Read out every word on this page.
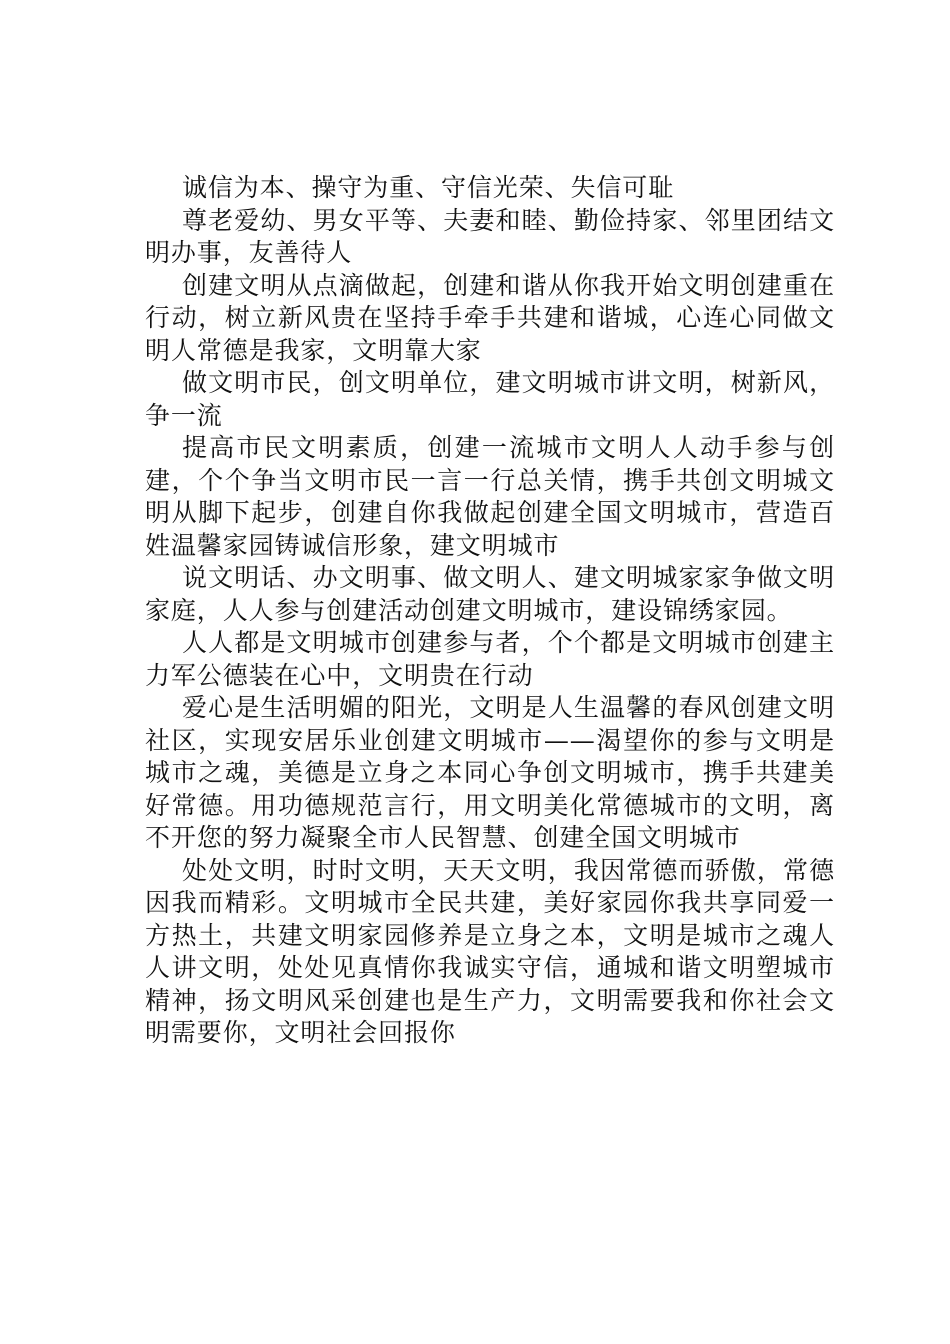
诚信为本、操守为重、守信光荣、失信可耻

尊老爱幼、男女平等、夫妻和睦、勤俭持家、邻里团结文明办事，友善待人

创建文明从点滴做起，创建和谐从你我开始文明创建重在行动，树立新风贵在坚持手牵手共建和谐城，心连心同做文明人常德是我家，文明靠大家

做文明市民，创文明单位，建文明城市讲文明，树新风，争一流

提高市民文明素质，创建一流城市文明人人动手参与创建，个个争当文明市民一言一行总关情，携手共创文明城文明从脚下起步，创建自你我做起创建全国文明城市，营造百姓温馨家园铸诚信形象，建文明城市

说文明话、办文明事、做文明人、建文明城家家争做文明家庭，人人参与创建活动创建文明城市，建设锦绣家园。

人人都是文明城市创建参与者，个个都是文明城市创建主力军公德装在心中，文明贵在行动

爱心是生活明媚的阳光，文明是人生温馨的春风创建文明社区，实现安居乐业创建文明城市——渴望你的参与文明是城市之魂，美德是立身之本同心争创文明城市，携手共建美好常德。用功德规范言行，用文明美化常德城市的文明，离不开您的努力凝聚全市人民智慧、创建全国文明城市

处处文明，时时文明，天天文明，我因常德而骄傲，常德因我而精彩。文明城市全民共建，美好家园你我共享同爱一方热土，共建文明家园修养是立身之本，文明是城市之魂人人讲文明，处处见真情你我诚实守信，通城和谐文明塑城市精神，扬文明风采创建也是生产力，文明需要我和你社会文明需要你，文明社会回报你
